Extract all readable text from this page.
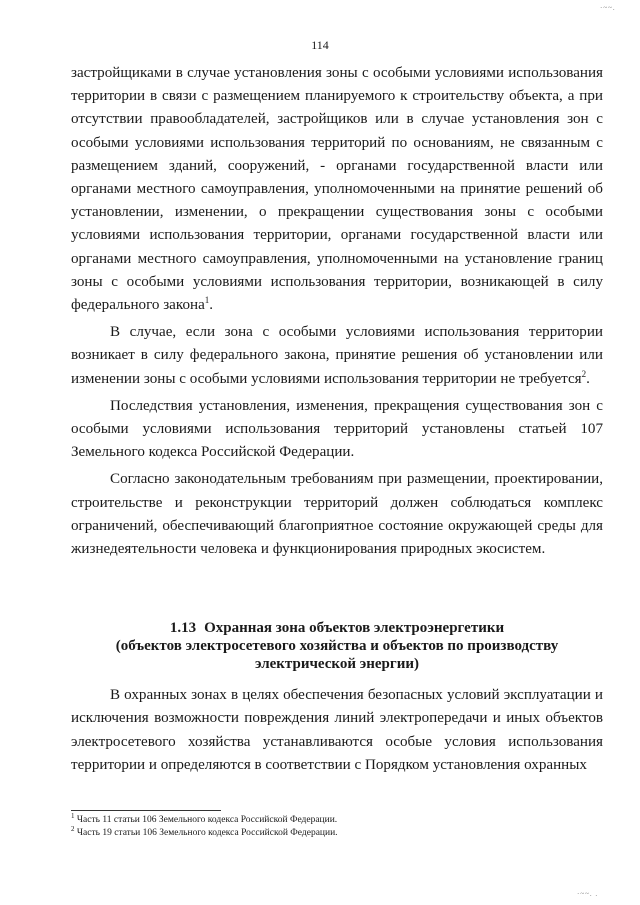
·~~.
114

застройщиками в случае установления зоны с особыми условиями использования территории в связи с размещением планируемого к строительству объекта, а при отсутствии правообладателей, застройщиков или в случае установления зон с особыми условиями использования территорий по основаниям, не связанным с размещением зданий, сооружений, - органами государственной власти или органами местного самоуправления, уполномоченными на принятие решений об установлении, изменении, о прекращении существования зоны с особыми условиями использования территории, органами государственной власти или органами местного самоуправления, уполномоченными на установление границ зоны с особыми условиями использования территории, возникающей в силу федерального закона$^1$.

В случае, если зона с особыми условиями использования территории возникает в силу федерального закона, принятие решения об установлении или изменении зоны с особыми условиями использования территории не требуется$^2$.

Последствия установления, изменения, прекращения существования зон с особыми условиями использования территорий установлены статьей 107 Земельного кодекса Российской Федерации.

Согласно законодательным требованиям при размещении, проектировании, строительстве и реконструкции территорий должен соблюдаться комплекс ограничений, обеспечивающий благоприятное состояние окружающей среды для жизнедеятельности человека и функционирования природных экосистем.

1.13 Охранная зона объектов электроэнергетики
(объектов электросетевого хозяйства и объектов по производству электрической энергии)

В охранных зонах в целях обеспечения безопасных условий эксплуатации и исключения возможности повреждения линий электропередачи и иных объектов электросетевого хозяйства устанавливаются особые условия использования территории и определяются в соответствии с Порядком установления охранных

$^1$ Часть 11 статьи 106 Земельного кодекса Российской Федерации.
$^2$ Часть 19 статьи 106 Земельного кодекса Российской Федерации.
·~~. .
